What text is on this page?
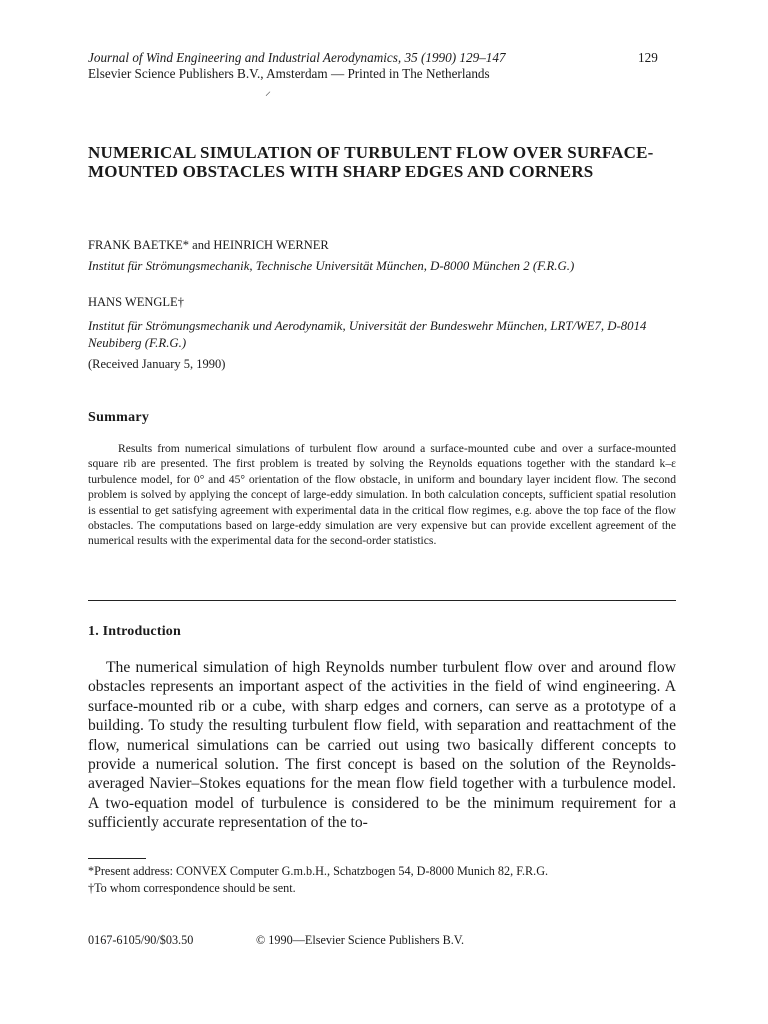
Journal of Wind Engineering and Industrial Aerodynamics, 35 (1990) 129–147	129
Elsevier Science Publishers B.V., Amsterdam — Printed in The Netherlands
⸝
NUMERICAL SIMULATION OF TURBULENT FLOW OVER SURFACE-MOUNTED OBSTACLES WITH SHARP EDGES AND CORNERS
FRANK BAETKE* and HEINRICH WERNER
Institut für Strömungsmechanik, Technische Universität München, D-8000 München 2 (F.R.G.)
HANS WENGLE†
Institut für Strömungsmechanik und Aerodynamik, Universität der Bundeswehr München, LRT/WE7, D-8014 Neubiberg (F.R.G.)
(Received January 5, 1990)
Summary
Results from numerical simulations of turbulent flow around a surface-mounted cube and over a surface-mounted square rib are presented. The first problem is treated by solving the Reynolds equations together with the standard k–ε turbulence model, for 0° and 45° orientation of the flow obstacle, in uniform and boundary layer incident flow. The second problem is solved by applying the concept of large-eddy simulation. In both calculation concepts, sufficient spatial resolution is essential to get satisfying agreement with experimental data in the critical flow regimes, e.g. above the top face of the flow obstacles. The computations based on large-eddy simulation are very expensive but can provide excellent agreement of the numerical results with the experimental data for the second-order statistics.
1. Introduction
The numerical simulation of high Reynolds number turbulent flow over and around flow obstacles represents an important aspect of the activities in the field of wind engineering. A surface-mounted rib or a cube, with sharp edges and corners, can serve as a prototype of a building. To study the resulting turbulent flow field, with separation and reattachment of the flow, numerical simulations can be carried out using two basically different concepts to provide a numerical solution. The first concept is based on the solution of the Reynolds-averaged Navier–Stokes equations for the mean flow field together with a turbulence model. A two-equation model of turbulence is considered to be the minimum requirement for a sufficiently accurate representation of the to-
*Present address: CONVEX Computer G.m.b.H., Schatzbogen 54, D-8000 Munich 82, F.R.G.
†To whom correspondence should be sent.
0167-6105/90/$03.50	© 1990—Elsevier Science Publishers B.V.
